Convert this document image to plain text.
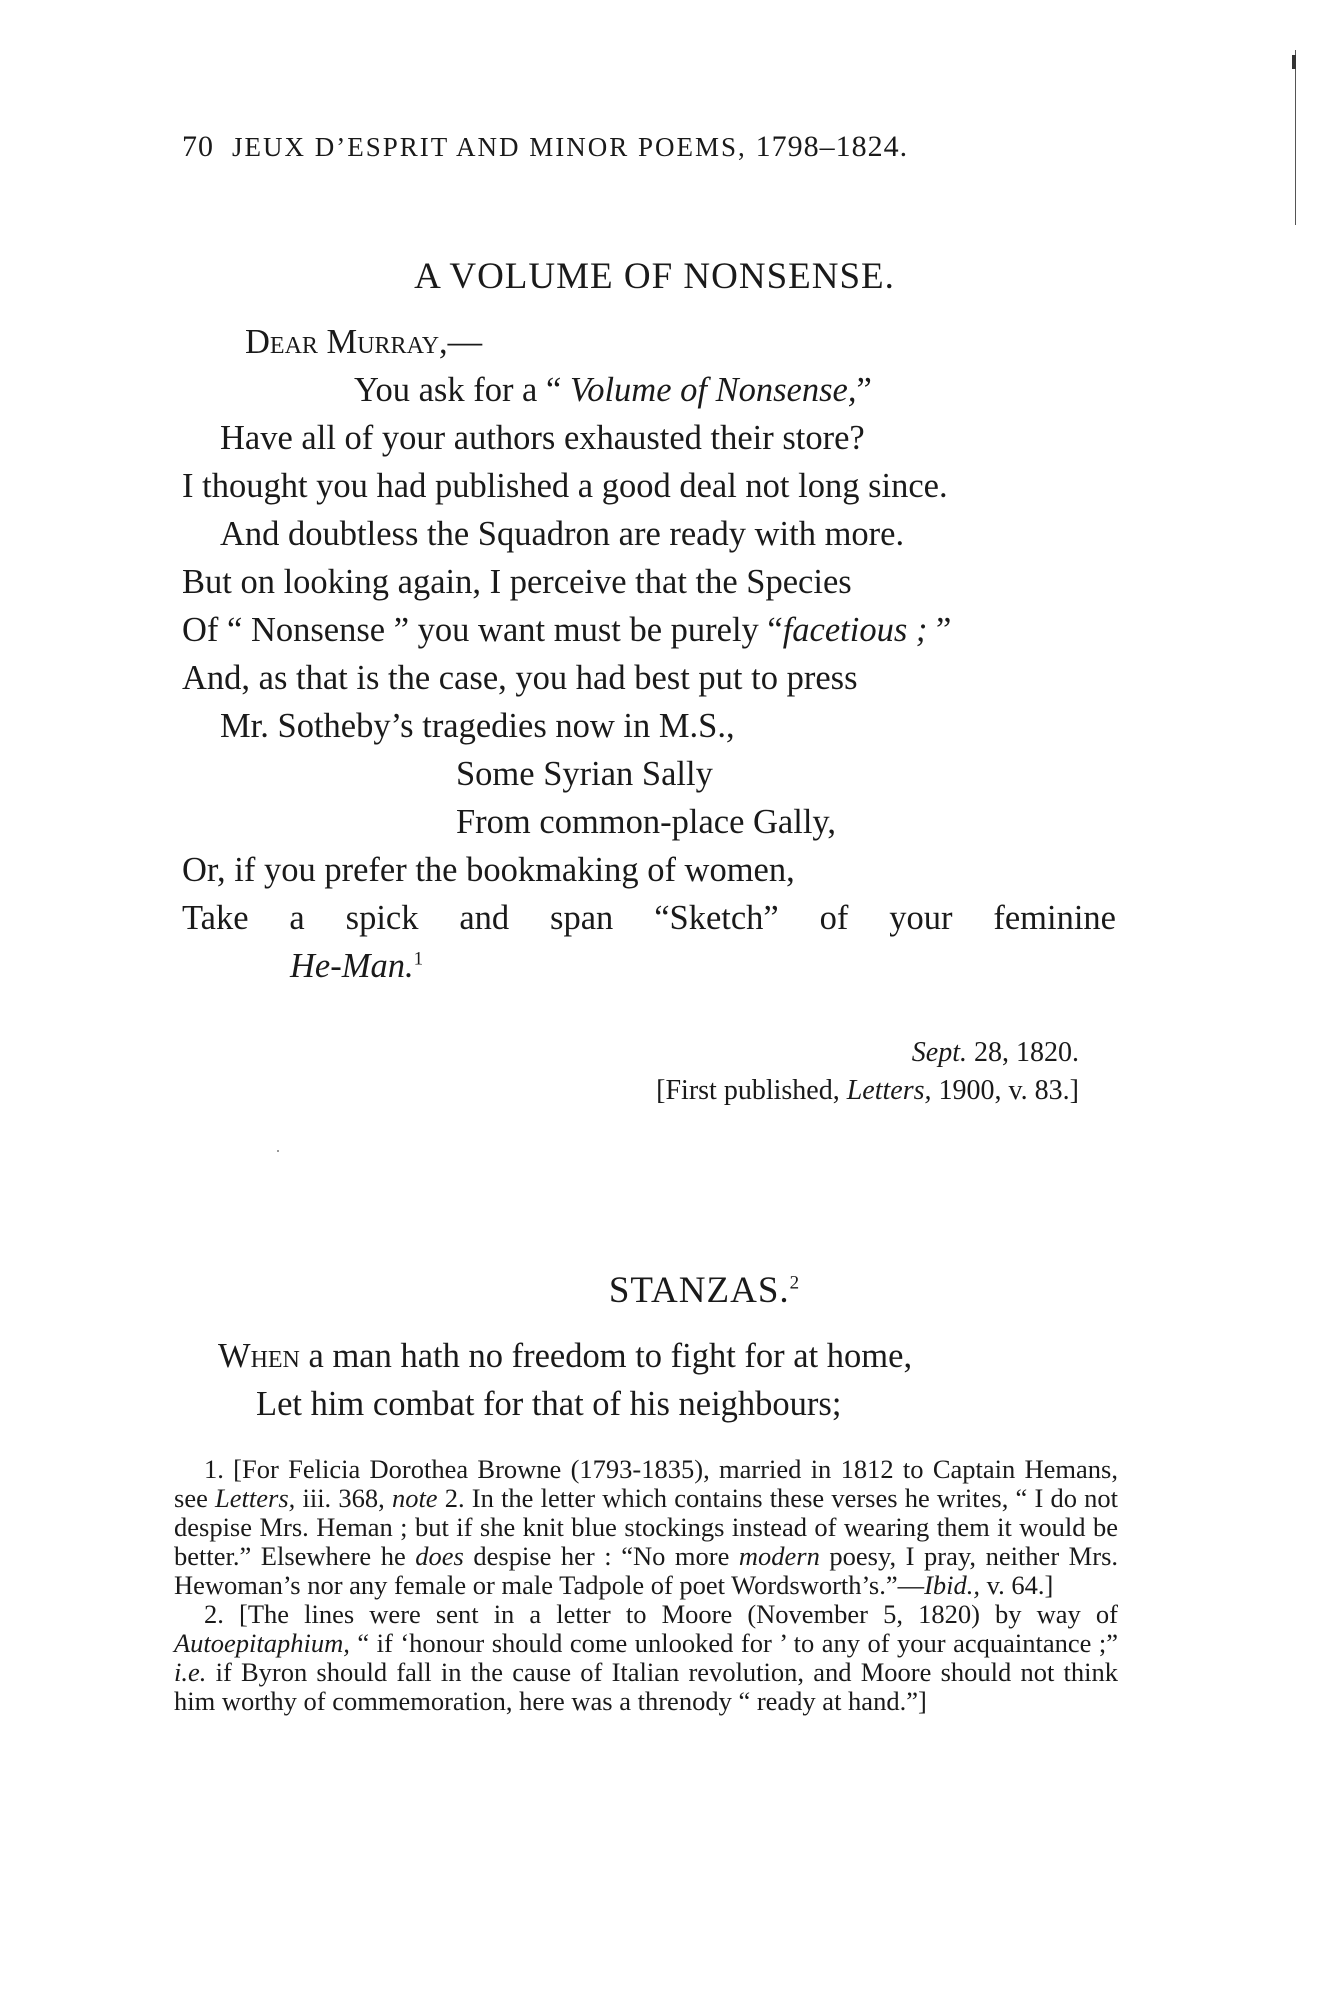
70 JEUX D’ESPRIT AND MINOR POEMS, 1798–1824.
A VOLUME OF NONSENSE.
Dear Murray,—
You ask for a “ Volume of Nonsense,”
Have all of your authors exhausted their store?
I thought you had published a good deal not long since.
And doubtless the Squadron are ready with more.
But on looking again, I perceive that the Species
Of “ Nonsense ” you want must be purely “facetious ; ”
And, as that is the case, you had best put to press
Mr. Sotheby’s tragedies now in M.S.,
Some Syrian Sally
From common-place Gally,
Or, if you prefer the bookmaking of women,
Take a spick and span “Sketch” of your feminine
He-Man.$^1$
Sept. 28, 1820.
[First published, Letters, 1900, v. 83.]
STANZAS.$^2$
When a man hath no freedom to fight for at home,
Let him combat for that of his neighbours;

1. [For Felicia Dorothea Browne (1793-1835), married in 1812 to Captain Hemans, see Letters, iii. 368, note 2. In the letter which contains these verses he writes, “ I do not despise Mrs. Heman ; but if she knit blue stockings instead of wearing them it would be better.” Elsewhere he does despise her : “No more modern poesy, I pray, neither Mrs. Hewoman’s nor any female or male Tadpole of poet Wordsworth’s.”—Ibid., v. 64.]

2. [The lines were sent in a letter to Moore (November 5, 1820) by way of Autoepitaphium, “ if ‘honour should come unlooked for ’ to any of your acquaintance ;” i.e. if Byron should fall in the cause of Italian revolution, and Moore should not think him worthy of commemoration, here was a threnody “ ready at hand.”]
